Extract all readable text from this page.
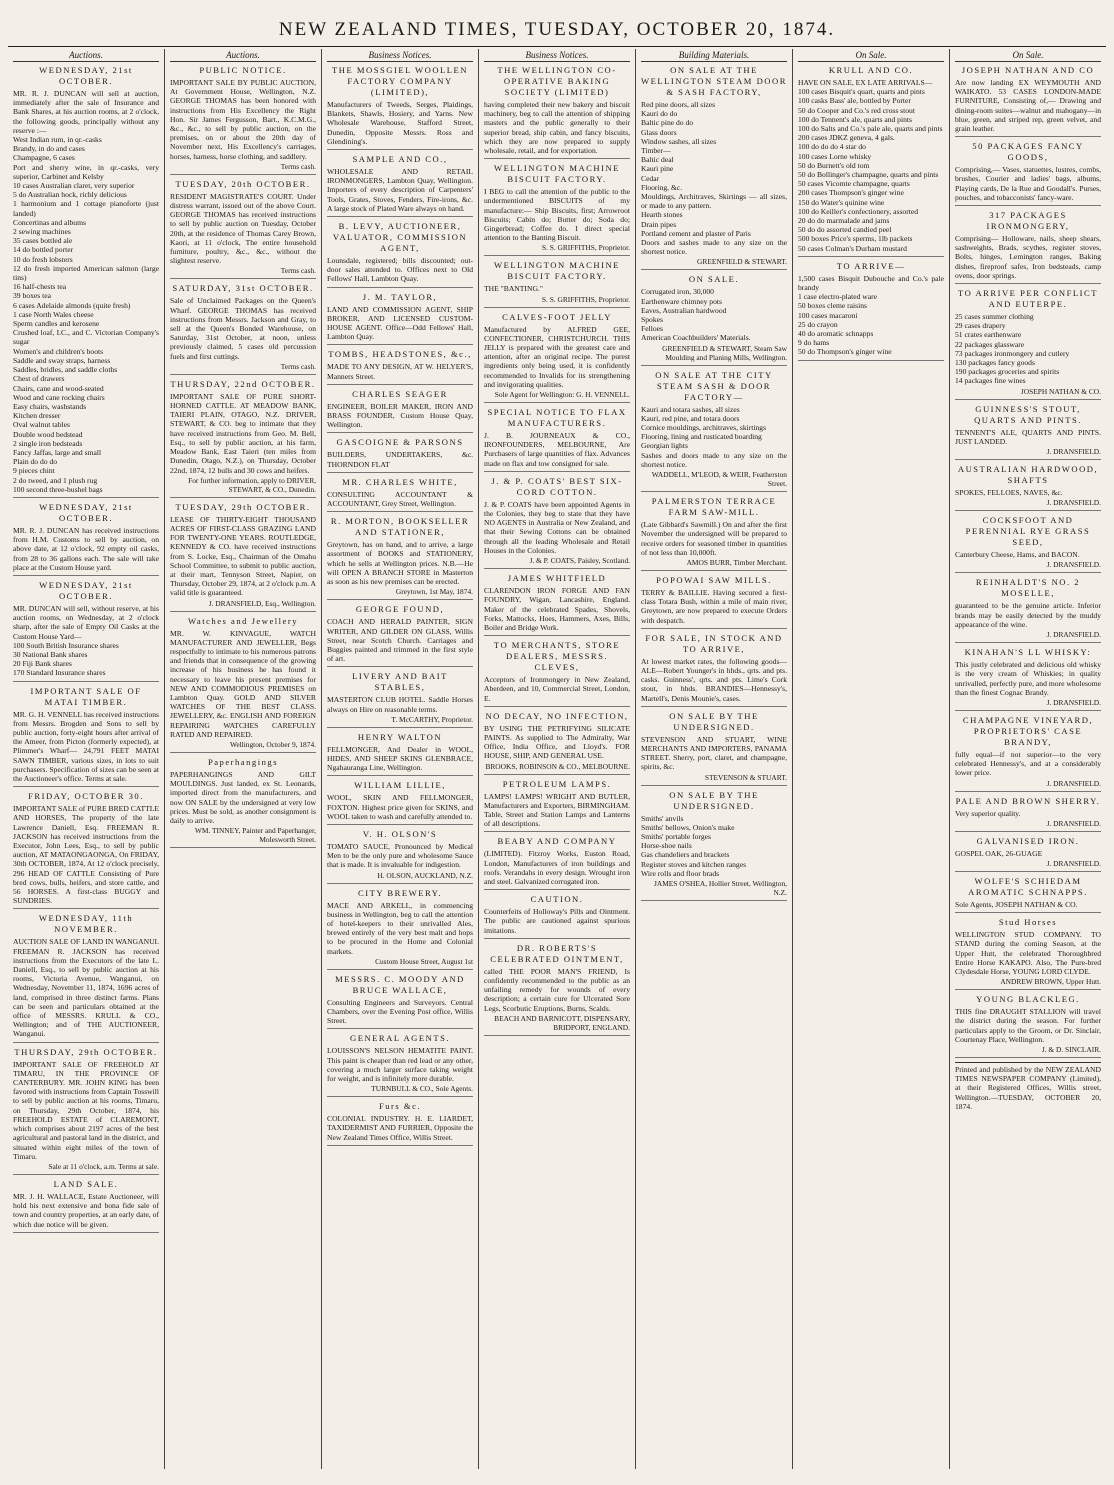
NEW ZEALAND TIMES, TUESDAY, OCTOBER 20, 1874.
Auctions.
WEDNESDAY, 21st OCTOBER.
MR. R. J. DUNCAN will sell at auction, immediately after the sale of Insurance and Bank Shares, at his auction rooms, at 2 o'clock, the following goods, principally without any reserve :—
West Indian rum, in qr.-casks
Brandy, in do and cases
Champagne, 6 cases
Port and sherry wine, in qr.-casks, very superior, Carbinet and Kelsby
10 cases Australian claret, very superior
5 do Australian hock, richly delicious
1 harmonium and 1 cottage pianoforte (just landed)
Concertinas and albums
2 sewing machines
35 cases bottled ale
14 do bottled porter
10 do fresh lobsters
12 do fresh imported American salmon (large tins)
16 half-chests tea
39 boxes tea
6 cases Adelaide almonds (quite fresh)
1 case North Wales cheese
Sperm candles and kerosene
Crushed loaf, I.C., and C. Victorian Company's sugar
Women's and children's boots
Saddle and sway straps, harness
Saddles, bridles, and saddle cloths
Chest of drawers
Chairs, cane and wood-seated
Wood and cane rocking chairs
Easy chairs, washstands
Kitchen dresser
Oval walnut tables
Double wood bedstead
2 single iron bedsteads
Fancy Jaffas, large and small
Plain do do do
9 pieces chint
2 do tweed, and 1 plush rug
100 second three-bushel bags
WEDNESDAY, 21st OCTOBER.
MR. R. J. DUNCAN has received instructions from H.M. Customs to sell by auction, on above date, at 12 o'clock, 92 empty oil casks, from 28 to 36 gallons each. The sale will take place at the Custom House yard.
WEDNESDAY, 21st OCTOBER.
MR. DUNCAN will sell, without reserve, at his auction rooms, on Wednesday, at 2 o'clock sharp, after the sale of Empty Oil Casks at the Custom House Yard—
100 South British Insurance shares
30 National Bank shares
20 Fiji Bank shares
170 Standard Insurance shares
IMPORTANT SALE OF MATAI TIMBER.
MR. G. H. VENNELL has received instructions from Messrs. Brogden and Sons to sell by public auction, forty-eight hours after arrival of the Ameer, from Picton (formerly expected), at Plimmer's Wharf— 24,791 FEET MATAI SAWN TIMBER, various sizes, in lots to suit purchasers. Specification of sizes can be seen at the Auctioneer's office. Terms at sale.
FRIDAY, OCTOBER 30.
IMPORTANT SALE of PURE BRED CATTLE AND HORSES, The property of the late Lawrence Daniell, Esq. FREEMAN R. JACKSON has received instructions from the Executor, John Lees, Esq., to sell by public auction, AT MATAONGAONGA, On FRIDAY, 30th OCTOBER, 1874, At 12 o'clock precisely, 296 HEAD OF CATTLE Consisting of Pure bred cows, bulls, heifers, and store cattle, and 56 HORSES. A first-class BUGGY and SUNDRIES.
WEDNESDAY, 11th NOVEMBER.
AUCTION SALE OF LAND IN WANGANUI. FREEMAN R. JACKSON has received instructions from the Executors of the late L. Daniell, Esq., to sell by public auction at his rooms, Victoria Avenue, Wanganui, on Wednesday, November 11, 1874, 1696 acres of land, comprised in three distinct farms. Plans can be seen and particulars obtained at the office of MESSRS. KRULL & CO., Wellington; and of THE AUCTIONEER, Wanganui.
THURSDAY, 29th OCTOBER.
IMPORTANT SALE OF FREEHOLD AT TIMARU, IN THE PROVINCE OF CANTERBURY. MR. JOHN KING has been favored with instructions from Captain Tosswill to sell by public auction at his rooms, Timaru, on Thursday, 29th October, 1874, his FREEHOLD ESTATE of CLAREMONT, which comprises about 2197 acres of the best agricultural and pastoral land in the district, and situated within eight miles of the town of Timaru.
Sale at 11 o'clock, a.m. Terms at sale.
LAND SALE.
MR. J. H. WALLACE, Estate Auctioneer, will hold his next extensive and bona fide sale of town and country properties, at an early date, of which due notice will be given.
Auctions.
PUBLIC NOTICE.
IMPORTANT SALE BY PUBLIC AUCTION, At Government House, Wellington, N.Z. GEORGE THOMAS has been honored with instructions from His Excellency the Right Hon. Sir James Fergusson, Bart., K.C.M.G., &c., &c., to sell by public auction, on the premises, on or about the 20th day of November next, His Excellency's carriages, horses, harness, horse clothing, and saddlery.
Terms cash.
TUESDAY, 20th OCTOBER.
RESIDENT MAGISTRATE'S COURT. Under distress warrant, issued out of the above Court. GEORGE THOMAS has received instructions to sell by public auction on Tuesday, October 20th, at the residence of Thomas Carey Brown, Kaori, at 11 o'clock, The entire household furniture, poultry, &c., &c., without the slightest reserve.
Terms cash.
SATURDAY, 31st OCTOBER.
Sale of Unclaimed Packages on the Queen's Wharf. GEORGE THOMAS has received instructions from Messrs. Jackson and Gray, to sell at the Queen's Bonded Warehouse, on Saturday, 31st October, at noon, unless previously claimed, 5 cases old percussion fuels and first cuttings.
Terms cash.
THURSDAY, 22nd OCTOBER.
IMPORTANT SALE OF PURE SHORT-HORNED CATTLE. AT MEADOW BANK, TAIERI PLAIN, OTAGO, N.Z. DRIVER, STEWART, & CO. beg to intimate that they have received instructions from Geo. M. Bell, Esq., to sell by public auction, at his farm, Meadow Bank, East Taieri (ten miles from Dunedin, Otago, N.Z.), on Thursday, October 22nd, 1874, 12 bulls and 30 cows and heifers.
For further information, apply to DRIVER, STEWART, & CO., Dunedin.
TUESDAY, 29th OCTOBER.
LEASE OF THIRTY-EIGHT THOUSAND ACRES OF FIRST-CLASS GRAZING LAND FOR TWENTY-ONE YEARS. ROUTLEDGE, KENNEDY & CO. have received instructions from S. Locke, Esq., Chairman of the Omahu School Committee, to submit to public auction, at their mart, Tennyson Street, Napier, on Thursday, October 29, 1874, at 2 o'clock p.m. A valid title is guaranteed.
J. DRANSFIELD, Esq., Wellington.
Watches and Jewellery
MR. W. KINVAGUE, WATCH MANUFACTURER AND JEWELLER, Begs respectfully to intimate to his numerous patrons and friends that in consequence of the growing increase of his business he has found it necessary to leave his present premises for NEW AND COMMODIOUS PREMISES on Lambton Quay. GOLD AND SILVER WATCHES OF THE BEST CLASS. JEWELLERY, &c. ENGLISH AND FOREIGN REPAIRING WATCHES CAREFULLY RATED AND REPAIRED.
Wellington, October 9, 1874.
Paperhangings
PAPERHANGINGS AND GILT MOULDINGS. Just landed, ex St. Leonards, imported direct from the manufacturers, and now ON SALE by the undersigned at very low prices. Must be sold, as another consignment is daily to arrive.
WM. TINNEY, Painter and Paperhanger, Molesworth Street.
Business Notices.
THE MOSSGIEL WOOLLEN FACTORY COMPANY (LIMITED),
Manufacturers of Tweeds, Serges, Plaidings, Blankets, Shawls, Hosiery, and Yarns. New Wholesale Warehouse, Stafford Street, Dunedin, Opposite Messrs. Ross and Glendining's.
SAMPLE AND CO.,
WHOLESALE AND RETAIL IRONMONGERS, Lambton Quay, Wellington. Importers of every description of Carpenters' Tools, Grates, Stoves, Fenders, Fire-irons, &c. A large stock of Plated Ware always on hand.
B. LEVY, AUCTIONEER, VALUATOR, COMMISSION AGENT,
Lounsdale, registered; bills discounted; out-door sales attended to. Offices next to Old Fellows' Hall, Lambton Quay.
J. M. TAYLOR,
LAND AND COMMISSION AGENT, SHIP BROKER, AND LICENSED CUSTOM-HOUSE AGENT. Office—Odd Fellows' Hall, Lambton Quay.
TOMBS, HEADSTONES, &c.,
MADE TO ANY DESIGN, AT W. HELYER'S, Manners Street.
CHARLES SEAGER
ENGINEER, BOILER MAKER, IRON AND BRASS FOUNDER, Custom House Quay, Wellington.
GASCOIGNE & PARSONS
BUILDERS, UNDERTAKERS, &c. THORNDON FLAT
MR. CHARLES WHITE,
CONSULTING ACCOUNTANT & ACCOUNTANT, Grey Street, Wellington.
R. MORTON, BOOKSELLER AND STATIONER,
Greytown, has on hand, and to arrive, a large assortment of BOOKS and STATIONERY, which he sells at Wellington prices. N.B.—He will OPEN A BRANCH STORE in Masterton as soon as his new premises can be erected.
Greytown, 1st May, 1874.
GEORGE FOUND,
COACH AND HERALD PAINTER, SIGN WRITER, AND GILDER ON GLASS, Willis Street, near Scotch Church. Carriages and Buggies painted and trimmed in the first style of art.
LIVERY AND BAIT STABLES,
MASTERTON CLUB HOTEL. Saddle Horses always on Hire on reasonable terms.
T. McCARTHY, Proprietor.
HENRY WALTON
FELLMONGER, And Dealer in WOOL, HIDES, AND SHEEP SKINS GLENBRACE, Ngahauranga Line, Wellington.
WILLIAM LILLIE,
WOOL, SKIN AND FELLMONGER, FOXTON. Highest price given for SKINS, and WOOL taken to wash and carefully attended to.
V. H. OLSON'S
TOMATO SAUCE, Pronounced by Medical Men to be the only pure and wholesome Sauce that is made. It is invaluable for indigestion.
H. OLSON, AUCKLAND, N.Z.
CITY BREWERY.
MACE AND ARKELL, in commencing business in Wellington, beg to call the attention of hotel-keepers to their unrivalled Ales, brewed entirely of the very best malt and hops to be procured in the Home and Colonial markets.
Custom House Street, August 1st
MESSRS. C. MOODY AND BRUCE WALLACE,
Consulting Engineers and Surveyors. Central Chambers, over the Evening Post office, Willis Street.
GENERAL AGENTS.
LOUISSON'S NELSON HEMATITE PAINT. This paint is cheaper than red lead or any other, covering a much larger surface taking weight for weight, and is infinitely more durable.
TURNBULL & CO., Sole Agents.
Furs &c.
COLONIAL INDUSTRY. H. E. LIARDET, TAXIDERMIST AND FURRIER, Opposite the New Zealand Times Office, Willis Street.
Business Notices.
THE WELLINGTON CO-OPERATIVE BAKING SOCIETY (LIMITED)
having completed their new bakery and biscuit machinery, beg to call the attention of shipping masters and the public generally to their superior bread, ship cabin, and fancy biscuits, which they are now prepared to supply wholesale, retail, and for exportation.
WELLINGTON MACHINE BISCUIT FACTORY.
I BEG to call the attention of the public to the undermentioned BISCUITS of my manufacture:— Ship Biscuits, first; Arrowroot Biscuits; Cabin do; Butter do; Soda do; Gingerbread; Coffee do. I direct special attention to the Banting Biscuit.
S. S. GRIFFITHS, Proprietor.
WELLINGTON MACHINE BISCUIT FACTORY.
THE "BANTING."
S. S. GRIFFITHS, Proprietor.
CALVES-FOOT JELLY
Manufactured by ALFRED GEE, CONFECTIONER, CHRISTCHURCH. THIS JELLY is prepared with the greatest care and attention, after an original recipe. The purest ingredients only being used, it is confidently recommended to Invalids for its strengthening and invigorating qualities.
Sole Agent for Wellington: G. H. VENNELL.
SPECIAL NOTICE TO FLAX MANUFACTURERS.
J. B. JOURNEAUX & CO., IRONFOUNDERS, MELBOURNE, Are Purchasers of large quantities of flax. Advances made on flax and tow consigned for sale.
J. & P. COATS' BEST SIX-CORD COTTON.
J. & P. COATS have been appointed Agents in the Colonies, they beg to state that they have NO AGENTS in Australia or New Zealand, and that their Sewing Cottons can be obtained through all the leading Wholesale and Retail Houses in the Colonies.
J. & P. COATS, Paisley, Scotland.
JAMES WHITFIELD
CLARENDON IRON FORGE AND FAN FOUNDRY, Wigan, Lancashire, England. Maker of the celebrated Spades, Shovels, Forks, Mattocks, Hoes, Hammers, Axes, Bills, Boiler and Bridge Work.
TO MERCHANTS, STORE DEALERS, MESSRS. CLEVES,
Acceptors of Ironmongery in New Zealand, Aberdeen, and 10, Commercial Street, London, E.
NO DECAY, NO INFECTION,
BY USING THE PETRIFYING SILICATE PAINTS. As supplied to The Admiralty, War Office, India Office, and Lloyd's. FOR HOUSE, SHIP, AND GENERAL USE.
BROOKS, ROBINSON & CO., MELBOURNE.
PETROLEUM LAMPS.
LAMPS! LAMPS! WRIGHT AND BUTLER, Manufacturers and Exporters, BIRMINGHAM. Table, Street and Station Lamps and Lanterns of all descriptions.
BEABY AND COMPANY
(LIMITED). Fitzroy Works, Euston Road, London, Manufacturers of iron buildings and roofs. Verandahs in every design. Wrought iron and steel. Galvanized corrugated iron.
CAUTION.
Counterfeits of Holloway's Pills and Ointment. The public are cautioned against spurious imitations.
DR. ROBERTS'S CELEBRATED OINTMENT,
called THE POOR MAN'S FRIEND, Is confidently recommended to the public as an unfailing remedy for wounds of every description; a certain cure for Ulcerated Sore Legs, Scorbutic Eruptions, Burns, Scalds.
BEACH AND BARNICOTT, DISPENSARY, BRIDPORT, ENGLAND.
Building Materials.
ON SALE AT THE WELLINGTON STEAM DOOR & SASH FACTORY,
Red pine doors, all sizes
Kauri do do
Baltic pine do do
Glass doors
Window sashes, all sizes
Timber—
Baltic deal
Kauri pine
Cedar
Flooring, &c.
Mouldings, Architraves, Skirtings — all sizes, or made to any pattern.
Hearth stones
Drain pipes
Portland cement and plaster of Paris
Doors and sashes made to any size on the shortest notice.
GREENFIELD & STEWART.
ON SALE.
Corrugated iron, 30,000
Earthenware chimney pots
Eaves, Australian hardwood
Spokes
Felloes
American Coachbuilders' Materials.
GREENFIELD & STEWART, Steam Saw Moulding and Planing Mills, Wellington.
ON SALE AT THE CITY STEAM SASH & DOOR FACTORY—
Kauri and totara sashes, all sizes
Kauri, red pine, and totara doors
Cornice mouldings, architraves, skirtings
Flooring, lining and rusticated boarding
Georgian lights
Sashes and doors made to any size on the shortest notice.
WADDELL, M'LEOD, & WEIR, Featherston Street.
PALMERSTON TERRACE FARM SAW-MILL.
(Late Gibbard's Sawmill.) On and after the first November the undersigned will be prepared to receive orders for seasoned timber in quantities of not less than 10,000ft.
AMOS BURR, Timber Merchant.
POPOWAI SAW MILLS.
TERRY & BAILLIE. Having secured a first-class Totara Bush, within a mile of main river, Greytown, are now prepared to execute Orders with despatch.
FOR SALE, IN STOCK AND TO ARRIVE,
At lowest market rates, the following goods— ALE—Robert Younger's in hhds., qrts. and pts. casks. Guinness', qrts. and pts. Lime's Cork stout, in hhds. BRANDIES—Hennessy's, Martell's, Denis Mounie's, cases.
ON SALE BY THE UNDERSIGNED.
STEVENSON AND STUART, WINE MERCHANTS AND IMPORTERS, PANAMA STREET. Sherry, port, claret, and champagne, spirits, &c.
STEVENSON & STUART.
ON SALE BY THE UNDERSIGNED.
Smiths' anvils
Smiths' bellows, Onion's make
Smiths' portable forges
Horse-shoe nails
Gas chandeliers and brackets
Register stoves and kitchen ranges
Wire rolls and floor brads
JAMES O'SHEA, Hollier Street, Wellington, N.Z.
On Sale.
KRULL AND CO.
HAVE ON SALE, EX LATE ARRIVALS—
100 cases Bisquit's quart, quarts and pints
100 casks Bass' ale, bottled by Porter
50 do Cooper and Co.'s red cross stout
100 do Tennent's ale, quarts and pints
100 do Salts and Co.'s pale ale, quarts and pints
200 cases JDKZ geneva, 4 gals.
100 do do do 4 star do
100 cases Lorne whisky
50 do Burnett's old tom
50 do Bollinger's champagne, quarts and pints
50 cases Vicomte champagne, quarts
200 cases Thompson's ginger wine
150 do Water's quinine wine
100 do Keiller's confectionery, assorted
20 do do marmalade and jams
50 do do assorted candied peel
500 boxes Price's sperms, 1lb packets
50 cases Colman's Durham mustard
TO ARRIVE—
1,500 cases Bisquit Dubouche and Co.'s pale brandy
1 case electro-plated ware
50 boxes cleme raisins
100 cases macaroni
25 do crayon
40 do aromatic schnapps
9 do hams
50 do Thompson's ginger wine
On Sale.
JOSEPH NATHAN AND CO
Are now landing EX WEYMOUTH AND WAIKATO. 53 CASES LONDON-MADE FURNITURE, Consisting of,— Drawing and dining-room suites—walnut and mahogany—in blue, green, and striped rep, green velvet, and grain leather.
50 PACKAGES FANCY GOODS,
Comprising,— Vases, statuettes, lustres, combs, brushes, Courier and ladies' bags, albums, Playing cards, De la Rue and Goodall's. Purses, pouches, and tobacconists' fancy-ware.
317 PACKAGES IRONMONGERY,
Comprising— Holloware, nails, sheep shears, sashweights, Brads, scythes, register stoves, Bolts, hinges, Lemington ranges, Baking dishes, fireproof safes, Iron bedsteads, camp ovens, door springs.
TO ARRIVE PER CONFLICT AND EUTERPE.
25 cases summer clothing
29 cases drapery
51 crates earthenware
22 packages glassware
73 packages ironmongery and cutlery
130 packages fancy goods
190 packages groceries and spirits
14 packages fine wines
JOSEPH NATHAN & CO.
GUINNESS'S STOUT, QUARTS AND PINTS.
TENNENT'S ALE, QUARTS AND PINTS. JUST LANDED.
J. DRANSFIELD.
AUSTRALIAN HARDWOOD, SHAFTS
SPOKES, FELLOES, NAVES, &c.
J. DRANSFIELD.
COCKSFOOT AND PERENNIAL RYE GRASS SEED,
Canterbury Cheese, Hams, and BACON.
J. DRANSFIELD.
REINHALDT'S NO. 2 MOSELLE,
guaranteed to be the genuine article. Inferior brands may be easily detected by the muddy appearance of the wine.
J. DRANSFIELD.
KINAHAN'S LL WHISKY:
This justly celebrated and delicious old whisky is the very cream of Whiskies; in quality unrivalled, perfectly pure, and more wholesome than the finest Cognac Brandy.
J. DRANSFIELD.
CHAMPAGNE VINEYARD, PROPRIETORS' CASE BRANDY,
fully equal—if not superior—to the very celebrated Hennessy's, and at a considerably lower price.
J. DRANSFIELD.
PALE AND BROWN SHERRY.
Very superior quality.
J. DRANSFIELD.
GALVANISED IRON.
GOSPEL OAK, 26-GUAGE
J. DRANSFIELD.
WOLFE'S SCHIEDAM AROMATIC SCHNAPPS.
Sole Agents, JOSEPH NATHAN & CO.
Stud Horses
WELLINGTON STUD COMPANY. TO STAND during the coming Season, at the Upper Hutt, the celebrated Thoroughbred Entire Horse KAKAPO. Also, The Pure-bred Clydesdale Horse, YOUNG LORD CLYDE.
ANDREW BROWN, Upper Hutt.
YOUNG BLACKLEG.
THIS fine DRAUGHT STALLION will travel the district during the season. For further particulars apply to the Groom, or Dr. Sinclair, Courtenay Place, Wellington.
J. & D. SINCLAIR.
Printed and published by the NEW ZEALAND TIMES NEWSPAPER COMPANY (Limited), at their Registered Offices, Willis street, Wellington.—TUESDAY, OCTOBER 20, 1874.
